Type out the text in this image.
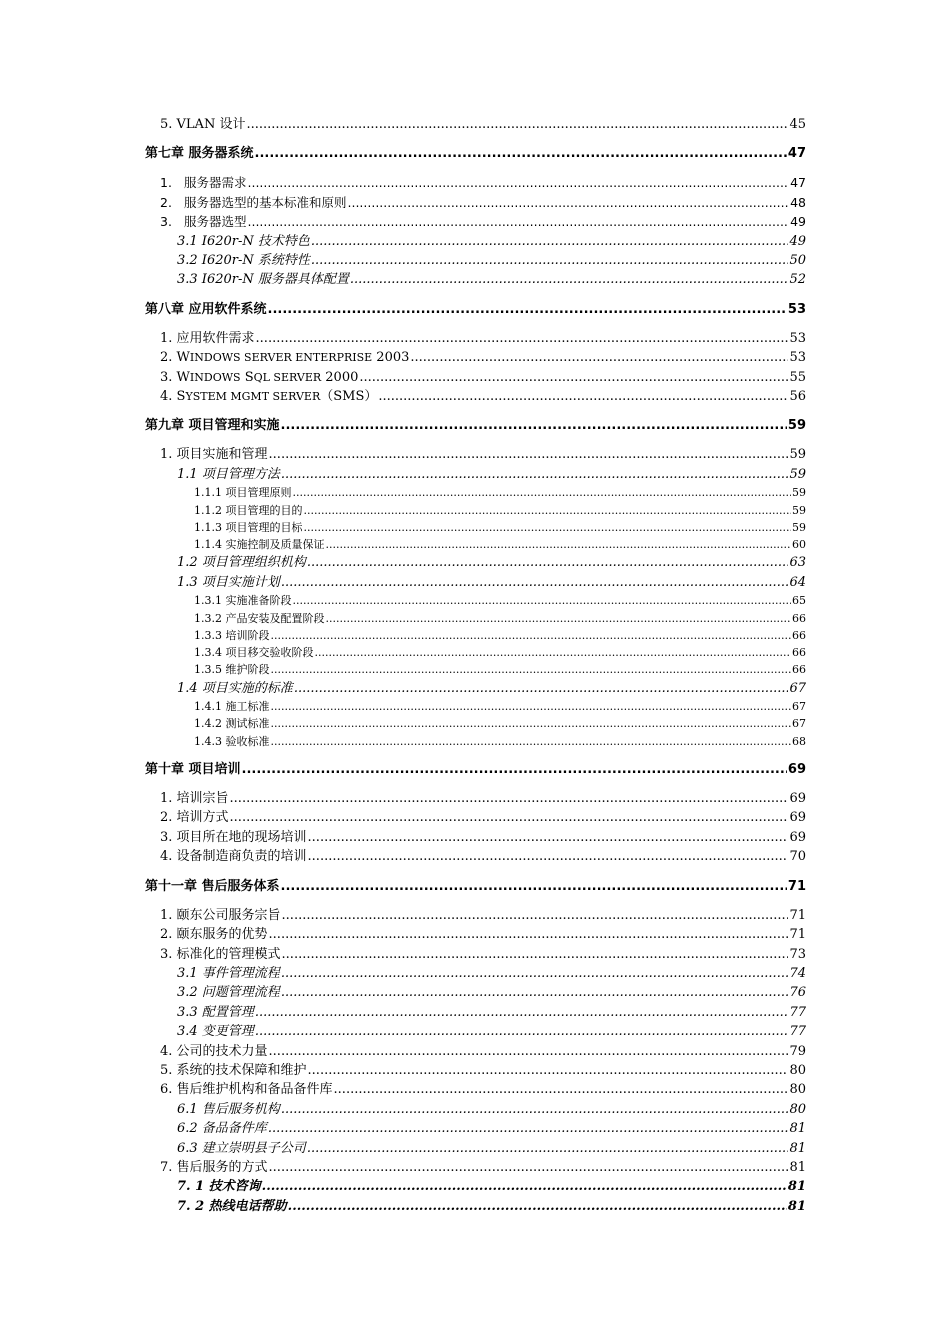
5. VLAN 设计 .....	45
第七章 服务器系统 .....	47
1. 服务器需求 .....	47
2. 服务器选型的基本标准和原则 .....	48
3. 服务器选型 .....	49
3.1 I620r-N 技术特色 .....	49
3.2 I620r-N 系统特性 .....	50
3.3 I620r-N 服务器具体配置 .....	52
第八章 应用软件系统 .....	53
1. 应用软件需求 .....	53
2. WINDOWS SERVER ENTERPRISE 2003 .....	53
3. WINDOWS SQL SERVER 2000 .....	55
4. SYSTEM MGMT SERVER（SMS） .....	56
第九章 项目管理和实施 .....	59
1. 项目实施和管理 .....	59
1.1 项目管理方法 .....	59
1.1.1 项目管理原则 .....	59
1.1.2 项目管理的目的 .....	59
1.1.3 项目管理的目标 .....	59
1.1.4 实施控制及质量保证 .....	60
1.2 项目管理组织机构 .....	63
1.3 项目实施计划 .....	64
1.3.1 实施准备阶段 .....	65
1.3.2 产品安装及配置阶段 .....	66
1.3.3 培训阶段 .....	66
1.3.4 项目移交验收阶段 .....	66
1.3.5 维护阶段 .....	66
1.4 项目实施的标准 .....	67
1.4.1 施工标准 .....	67
1.4.2 测试标准 .....	67
1.4.3 验收标准 .....	68
第十章 项目培训 .....	69
1. 培训宗旨 .....	69
2. 培训方式 .....	69
3. 项目所在地的现场培训 .....	69
4. 设备制造商负责的培训 .....	70
第十一章 售后服务体系 .....	71
1. 颐东公司服务宗旨 .....	71
2. 颐东服务的优势 .....	71
3. 标准化的管理模式 .....	73
3.1 事件管理流程 .....	74
3.2 问题管理流程 .....	76
3.3 配置管理 .....	77
3.4 变更管理 .....	77
4. 公司的技术力量 .....	79
5. 系统的技术保障和维护 .....	80
6. 售后维护机构和备品备件库 .....	80
6.1 售后服务机构 .....	80
6.2 备品备件库 .....	81
6.3 建立崇明县子公司 .....	81
7. 售后服务的方式 .....	81
7. 1 技术咨询 .....	81
7. 2 热线电话帮助 .....	81
